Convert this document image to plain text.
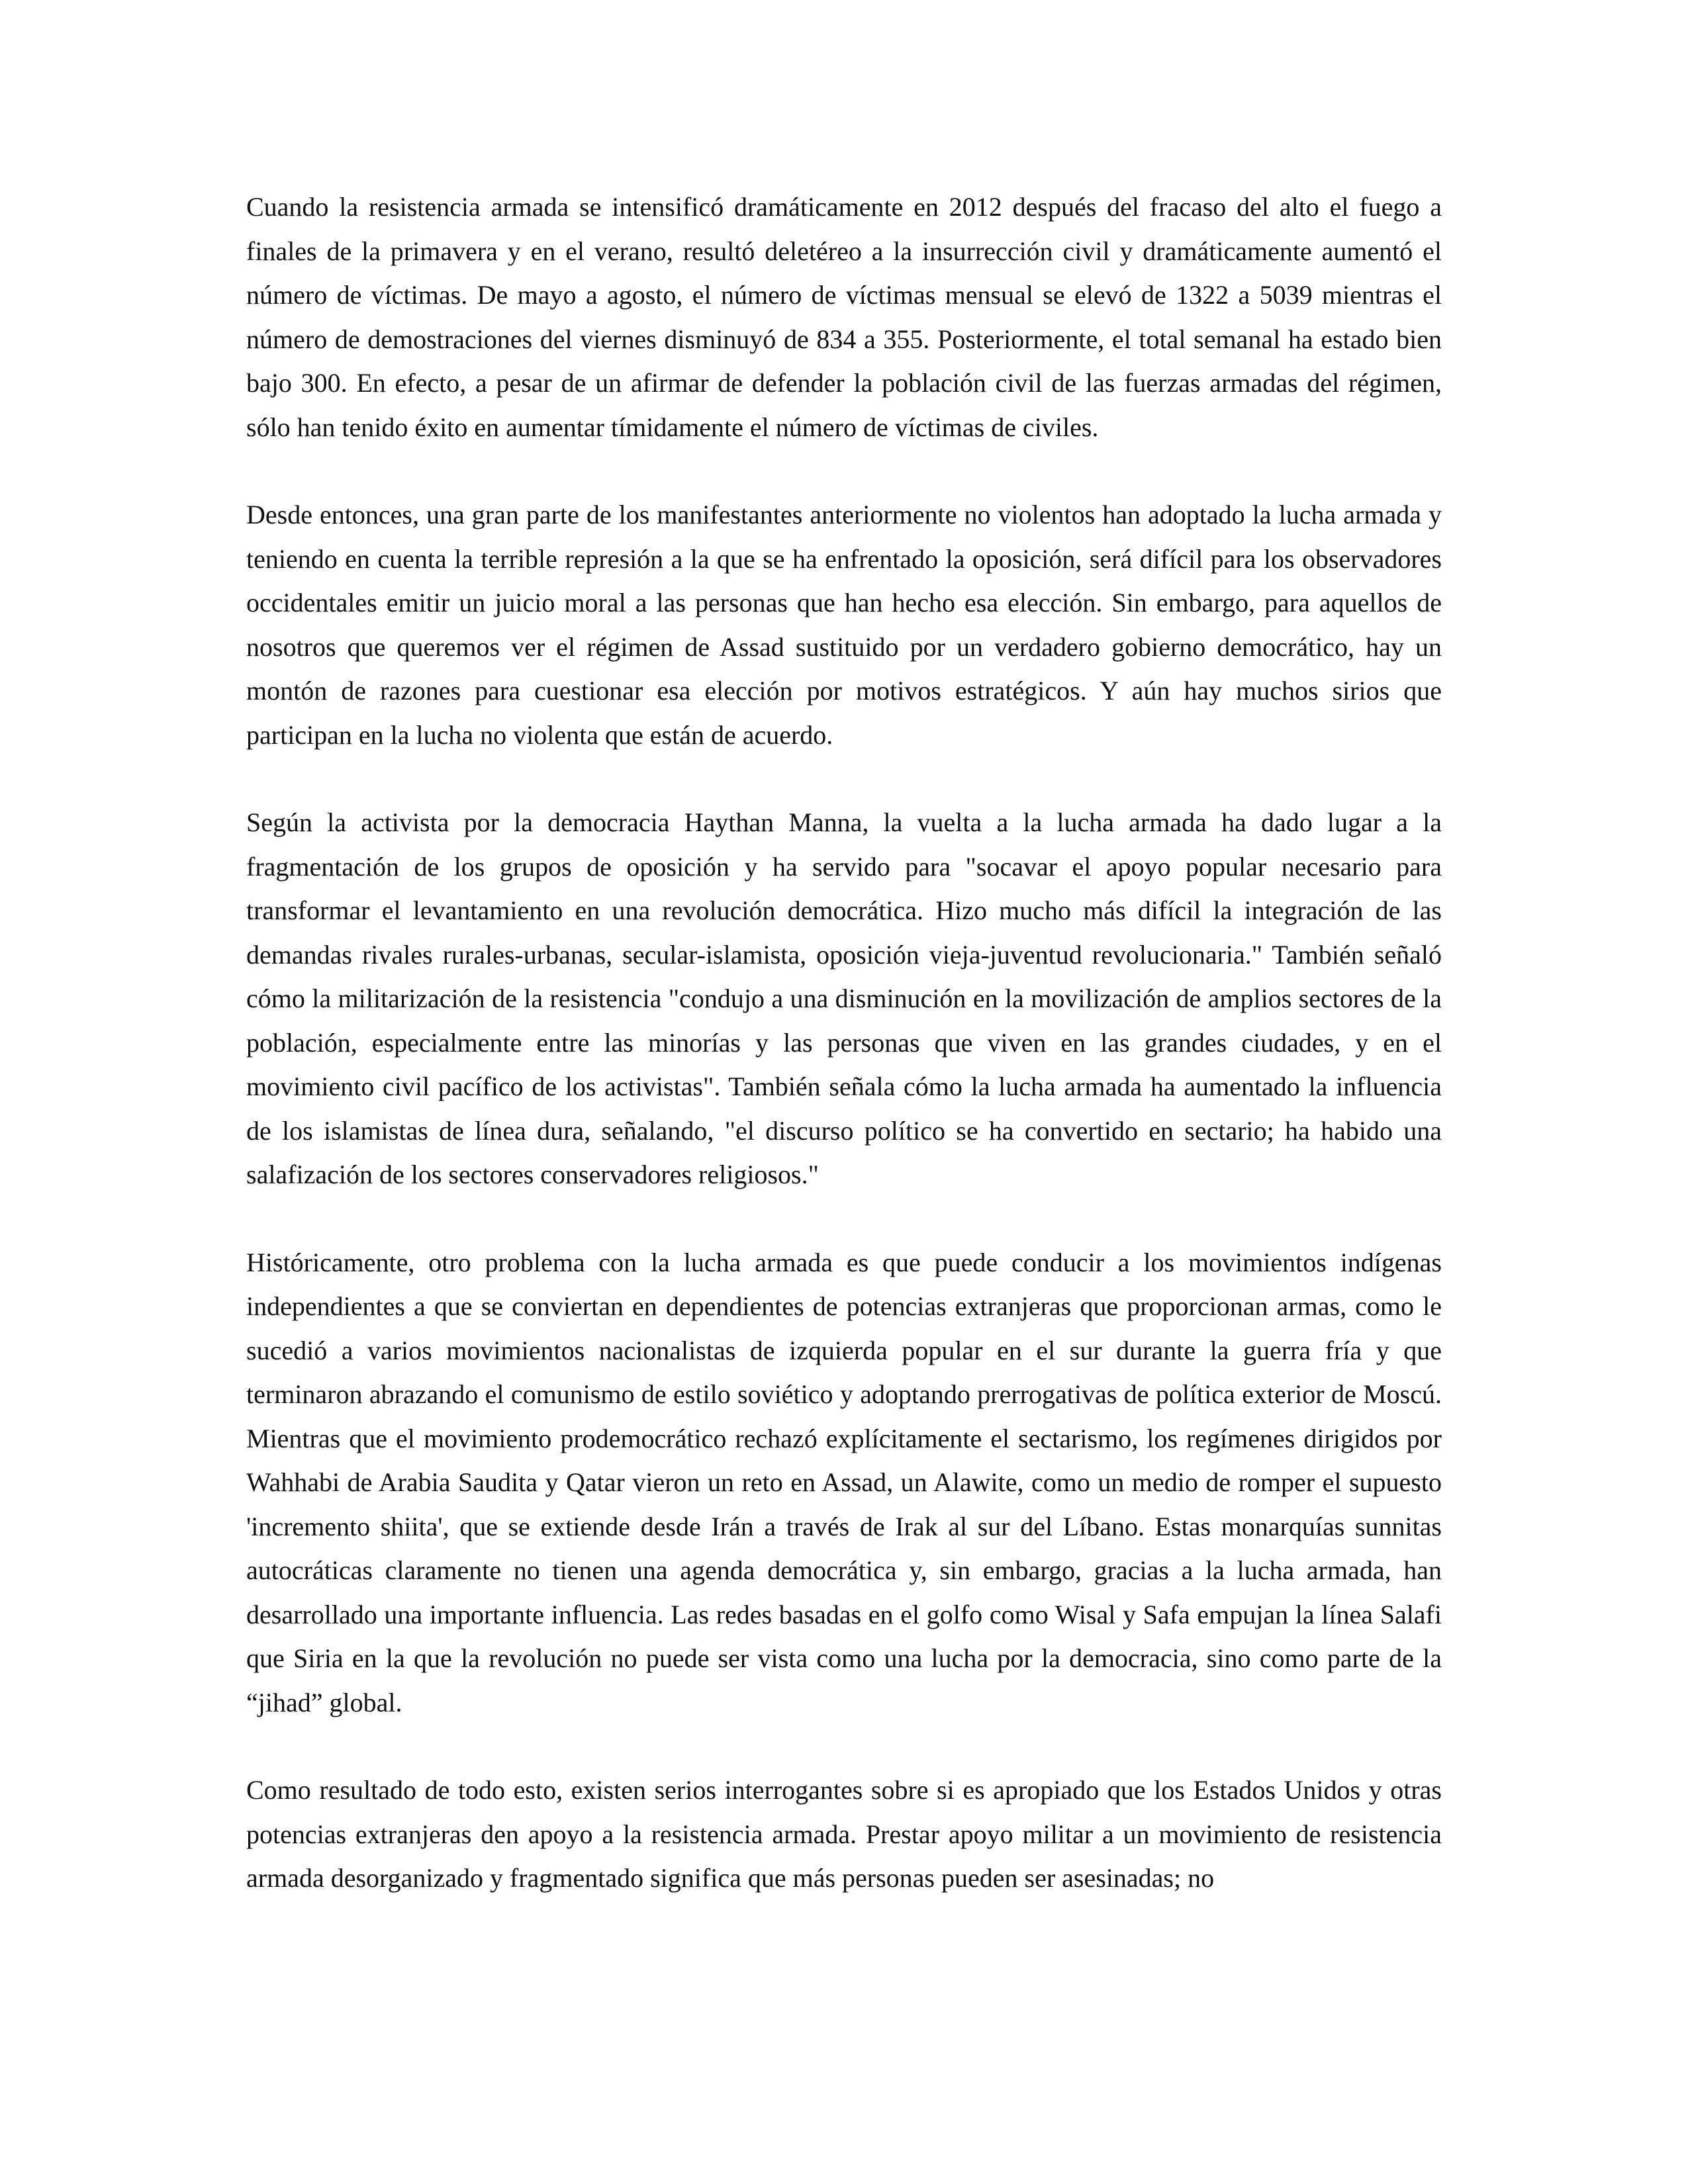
Cuando la resistencia armada se intensificó dramáticamente en 2012 después del fracaso del alto el fuego a finales de la primavera y en el verano, resultó deletéreo a la insurrección civil y dramáticamente aumentó el número de víctimas. De mayo a agosto, el número de víctimas mensual se elevó de 1322 a 5039 mientras el número de demostraciones del viernes disminuyó de 834 a 355. Posteriormente, el total semanal ha estado bien bajo 300. En efecto, a pesar de un afirmar de defender la población civil de las fuerzas armadas del régimen, sólo han tenido éxito en aumentar tímidamente el número de víctimas de civiles.

Desde entonces, una gran parte de los manifestantes anteriormente no violentos han adoptado la lucha armada y teniendo en cuenta la terrible represión a la que se ha enfrentado la oposición, será difícil para los observadores occidentales emitir un juicio moral a las personas que han hecho esa elección. Sin embargo, para aquellos de nosotros que queremos ver el régimen de Assad sustituido por un verdadero gobierno democrático, hay un montón de razones para cuestionar esa elección por motivos estratégicos. Y aún hay muchos sirios que participan en la lucha no violenta que están de acuerdo.

Según la activista por la democracia Haythan Manna, la vuelta a la lucha armada ha dado lugar a la fragmentación de los grupos de oposición y ha servido para "socavar el apoyo popular necesario para transformar el levantamiento en una revolución democrática. Hizo mucho más difícil la integración de las demandas rivales rurales-urbanas, secular-islamista, oposición vieja-juventud revolucionaria." También señaló cómo la militarización de la resistencia "condujo a una disminución en la movilización de amplios sectores de la población, especialmente entre las minorías y las personas que viven en las grandes ciudades, y en el movimiento civil pacífico de los activistas". También señala cómo la lucha armada ha aumentado la influencia de los islamistas de línea dura, señalando, "el discurso político se ha convertido en sectario; ha habido una salafización de los sectores conservadores religiosos."

Históricamente, otro problema con la lucha armada es que puede conducir a los movimientos indígenas independientes a que se conviertan en dependientes de potencias extranjeras que proporcionan armas, como le sucedió a varios movimientos nacionalistas de izquierda popular en el sur durante la guerra fría y que terminaron abrazando el comunismo de estilo soviético y adoptando prerrogativas de política exterior de Moscú. Mientras que el movimiento prodemocrático rechazó explícitamente el sectarismo, los regímenes dirigidos por Wahhabi de Arabia Saudita y Qatar vieron un reto en Assad, un Alawite, como un medio de romper el supuesto 'incremento shiita', que se extiende desde Irán a través de Irak al sur del Líbano. Estas monarquías sunnitas autocráticas claramente no tienen una agenda democrática y, sin embargo, gracias a la lucha armada, han desarrollado una importante influencia. Las redes basadas en el golfo como Wisal y Safa empujan la línea Salafi que Siria en la que la revolución no puede ser vista como una lucha por la democracia, sino como parte de la “jihad” global.

Como resultado de todo esto, existen serios interrogantes sobre si es apropiado que los Estados Unidos y otras potencias extranjeras den apoyo a la resistencia armada. Prestar apoyo militar a un movimiento de resistencia armada desorganizado y fragmentado significa que más personas pueden ser asesinadas; no
